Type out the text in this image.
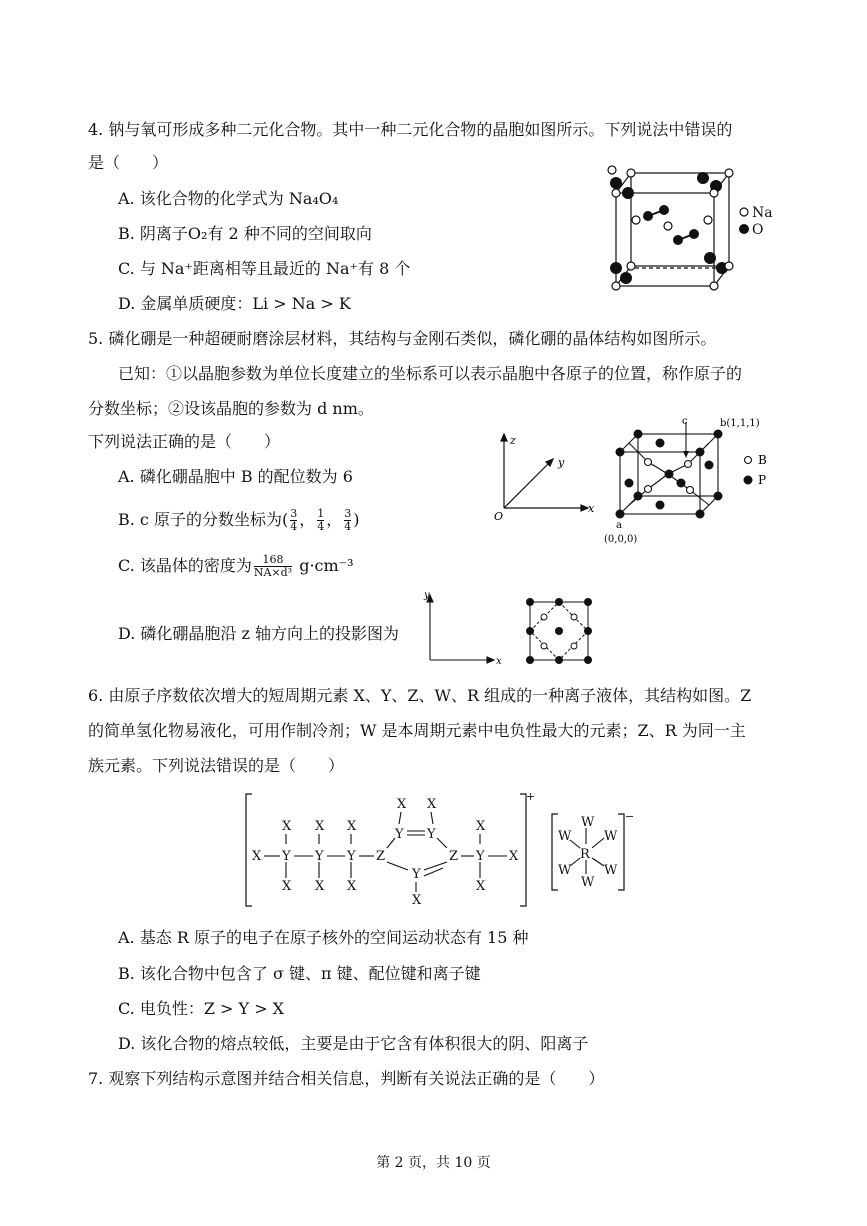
4. 钠与氧可形成多种二元化合物。其中一种二元化合物的晶胞如图所示。下列说法中错误的
是（　　）
A. 该化合物的化学式为 Na₄O₄
B. 阴离子O₂有 2 种不同的空间取向
C. 与 Na⁺距离相等且最近的 Na⁺有 8 个
D. 金属单质硬度：Li > Na > K
Na
O
5. 磷化硼是一种超硬耐磨涂层材料，其结构与金刚石类似，磷化硼的晶体结构如图所示。
已知：①以晶胞参数为单位长度建立的坐标系可以表示晶胞中各原子的位置，称作原子的
分数坐标；②设该晶胞的参数为 d nm。
下列说法正确的是（　　）
A. 磷化硼晶胞中 B 的配位数为 6
B. c 原子的分数坐标为( $\frac{3}{4}$ ， $\frac{1}{4}$ ， $\frac{3}{4}$ )
C. 该晶体的密度为 $\frac{168}{\text{NA×d³}} g\cdot cm^{-3}$
D. 磷化硼晶胞沿 z 轴方向上的投影图为
z
y
x
O
c	b(1,1,1)
a
(0,0,0)
B
P
y
x
6. 由原子序数依次增大的短周期元素 X、Y、Z、W、R 组成的一种离子液体，其结构如图。Z
的简单氢化物易液化，可用作制冷剂；W 是本周期元素中电负性最大的元素；Z、R 为同一主
族元素。下列说法错误的是（　　）
X Y Y Y Z	Z Y X
X X X
X X X
X
X
Y Y
X X
Y
X
W	W
R
W	W
W
W
+
−
A. 基态 R 原子的电子在原子核外的空间运动状态有 15 种
B. 该化合物中包含了 σ 键、π 键、配位键和离子键
C. 电负性：Z > Y > X
D. 该化合物的熔点较低，主要是由于它含有体积很大的阴、阳离子
7. 观察下列结构示意图并结合相关信息，判断有关说法正确的是（　　）
第 2 页，共 10 页
